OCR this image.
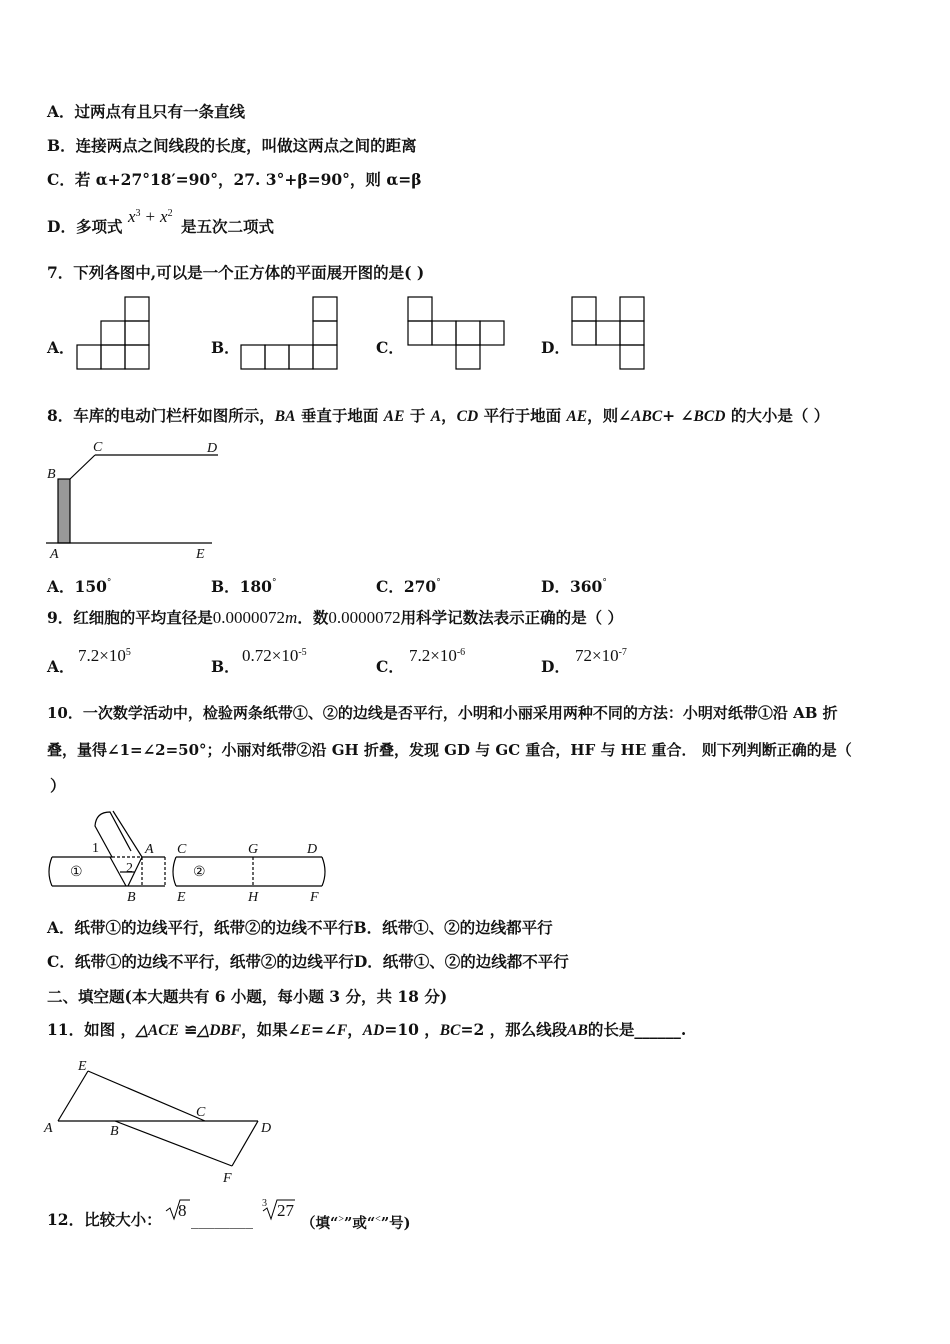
A．过两点有且只有一条直线
B．连接两点之间线段的长度，叫做这两点之间的距离
C．若 α+27°18′=90°，27. 3°+β=90°，则 α=β
D．多项式
$x^3 + x^2$
是五次二项式
7．下列各图中,可以是一个正方体的平面展开图的是( )
A．	B．	C．	D．
8．车库的电动门栏杆如图所示，BA 垂直于地面 AE 于 A，CD 平行于地面 AE，则∠ABC+ ∠BCD 的大小是（ ）
B
C	D
A	E
A．150°	B．180°	C．270°	D．360°
9．红细胞的平均直径是0.0000072m．数0.0000072用科学记数法表示正确的是（ ）
A．
$7.2\times 10^5$
B．
$0.72\times 10^{-5}$
C．
$7.2\times 10^{-6}$
D．
$72\times 10^{-7}$
10．一次数学活动中，检验两条纸带①、②的边线是否平行，小明和小丽采用两种不同的方法：小明对纸带①沿 AB 折
叠，量得∠1=∠2=50°；小丽对纸带②沿 GH 折叠，发现 GD 与 GC 重合，HF 与 HE 重合． 则下列判断正确的是（
）
1
2
A
B
①	②
C	G	D
E	H	F
A．纸带①的边线平行，纸带②的边线不平行B．纸带①、②的边线都平行
C．纸带①的边线不平行，纸带②的边线平行D．纸带①、②的边线都不平行
二、填空题(本大题共有 6 小题，每小题 3 分，共 18 分)
11．如图 ，△ACE ≌△DBF，如果∠E=∠F，AD=10 ，BC=2 ，那么线段AB的长是______.
E
A	B
C
D
F
12．比较大小： 8 ________
$^3$ 27
（填“>”或“<”号)
